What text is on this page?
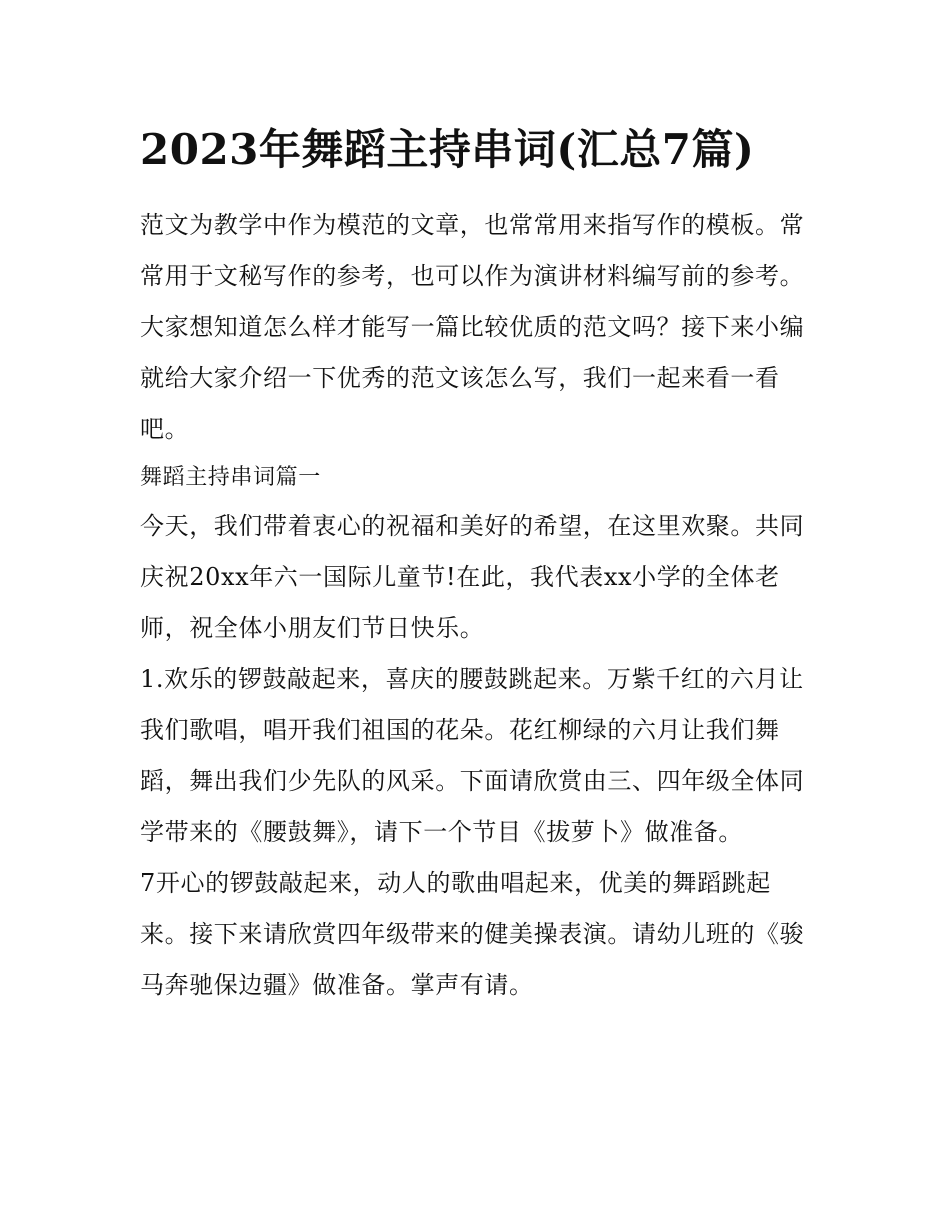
2023年舞蹈主持串词(汇总7篇)

范文为教学中作为模范的文章，也常常用来指写作的模板。常常用于文秘写作的参考，也可以作为演讲材料编写前的参考。大家想知道怎么样才能写一篇比较优质的范文吗？接下来小编就给大家介绍一下优秀的范文该怎么写，我们一起来看一看吧。

舞蹈主持串词篇一

今天，我们带着衷心的祝福和美好的希望，在这里欢聚。共同庆祝20xx年六一国际儿童节!在此，我代表xx小学的全体老师，祝全体小朋友们节日快乐。

1.欢乐的锣鼓敲起来，喜庆的腰鼓跳起来。万紫千红的六月让我们歌唱，唱开我们祖国的花朵。花红柳绿的六月让我们舞蹈，舞出我们少先队的风采。下面请欣赏由三、四年级全体同学带来的《腰鼓舞》，请下一个节目《拔萝卜》做准备。

7开心的锣鼓敲起来，动人的歌曲唱起来，优美的舞蹈跳起来。接下来请欣赏四年级带来的健美操表演。请幼儿班的《骏马奔驰保边疆》做准备。掌声有请。
